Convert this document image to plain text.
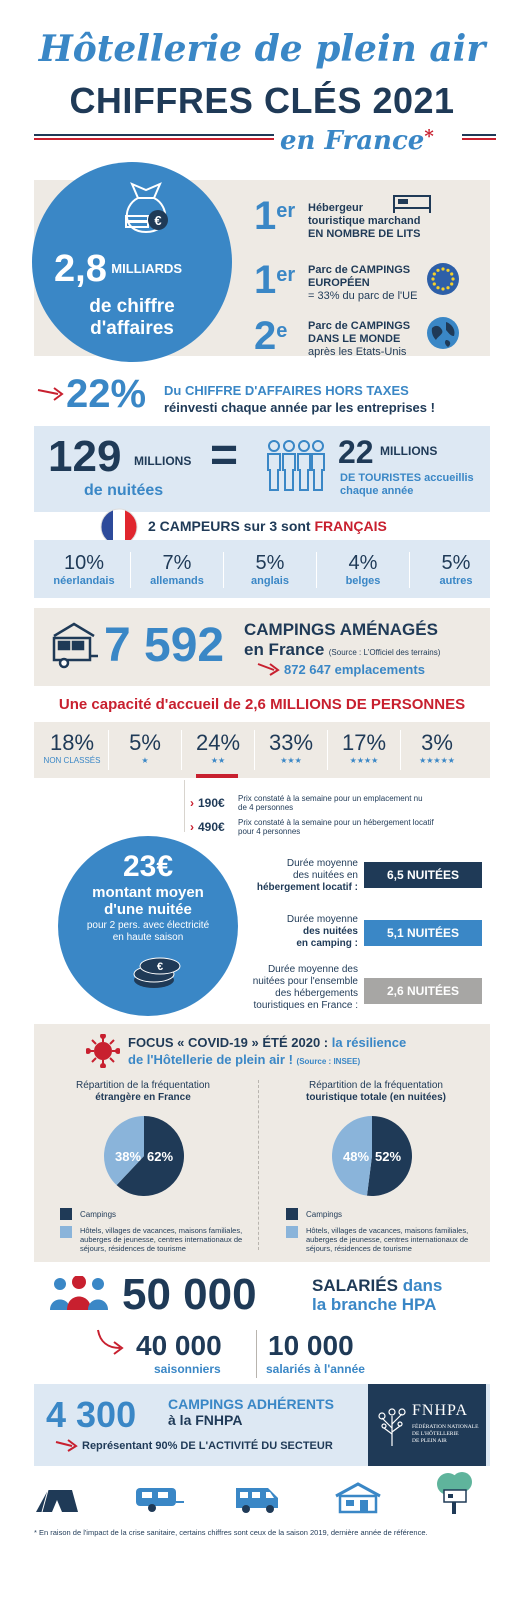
Hôtellerie de plein air
CHIFFRES CLÉS 2021
en France*
€
2,8 $^{MILLIARDS}$
de chiffre
d'affaires
1er Hébergeur
touristique marchand
EN NOMBRE DE LITS
1er Parc de CAMPINGS
EUROPÉEN
= 33% du parc de l'UE
2e Parc de CAMPINGS
DANS LE MONDE
après les Etats-Unis
22% Du CHIFFRE D'AFFAIRES HORS TAXES
réinvesti chaque année par les entreprises !
129 MILLIONS
de nuitées
=	22 MILLIONS
DE TOURISTES accueillis
chaque année
2 CAMPEURS sur 3 sont FRANÇAIS
10%
néerlandais
7%
allemands
5%
anglais
4%
belges
5%
autres
7 592 CAMPINGS AMÉNAGÉS
en France (Source : L'Officiel des terrains)
872 647 emplacements
Une capacité d'accueil de 2,6 MILLIONS DE PERSONNES
18%
NON CLASSÉS
5%
★
24%
★★
33%
★★★
17%
★★★★
3%
★★★★★
› 190€	Prix constaté à la semaine pour un emplacement nu
de 4 personnes
› 490€	Prix constaté à la semaine pour un hébergement locatif
pour 4 personnes
23€
montant moyen
d'une nuitée
pour 2 pers. avec électricité
en haute saison
€
Durée moyenne
des nuitées en
hébergement locatif :
6,5 NUITÉES
Durée moyenne
des nuitées
en camping :
5,1 NUITÉES
Durée moyenne des
nuitées pour l'ensemble
des hébergements
touristiques en France :
2,6 NUITÉES
FOCUS « COVID-19 » ÉTÉ 2020 : la résilience
de l'Hôtellerie de plein air ! (Source : INSEE)
Répartition de la fréquentation
étrangère en France
Répartition de la fréquentation
touristique totale (en nuitées)
62%
38%	52%
48%
Campings
Hôtels, villages de vacances, maisons familiales, auberges de jeunesse, centres internationaux de séjours, résidences de tourisme
Campings
Hôtels, villages de vacances, maisons familiales, auberges de jeunesse, centres internationaux de séjours, résidences de tourisme
50 000	SALARIÉS dans
la branche HPA
40 000
saisonniers
10 000
salariés à l'année
4 300 CAMPINGS ADHÉRENTS
à la FNHPA
Représentant 90% DE L'ACTIVITÉ DU SECTEUR
FNHPA
FÉDÉRATION NATIONALE
DE L'HÔTELLERIE
DE PLEIN AIR
* En raison de l'impact de la crise sanitaire, certains chiffres sont ceux de la saison 2019, dernière année de référence.
